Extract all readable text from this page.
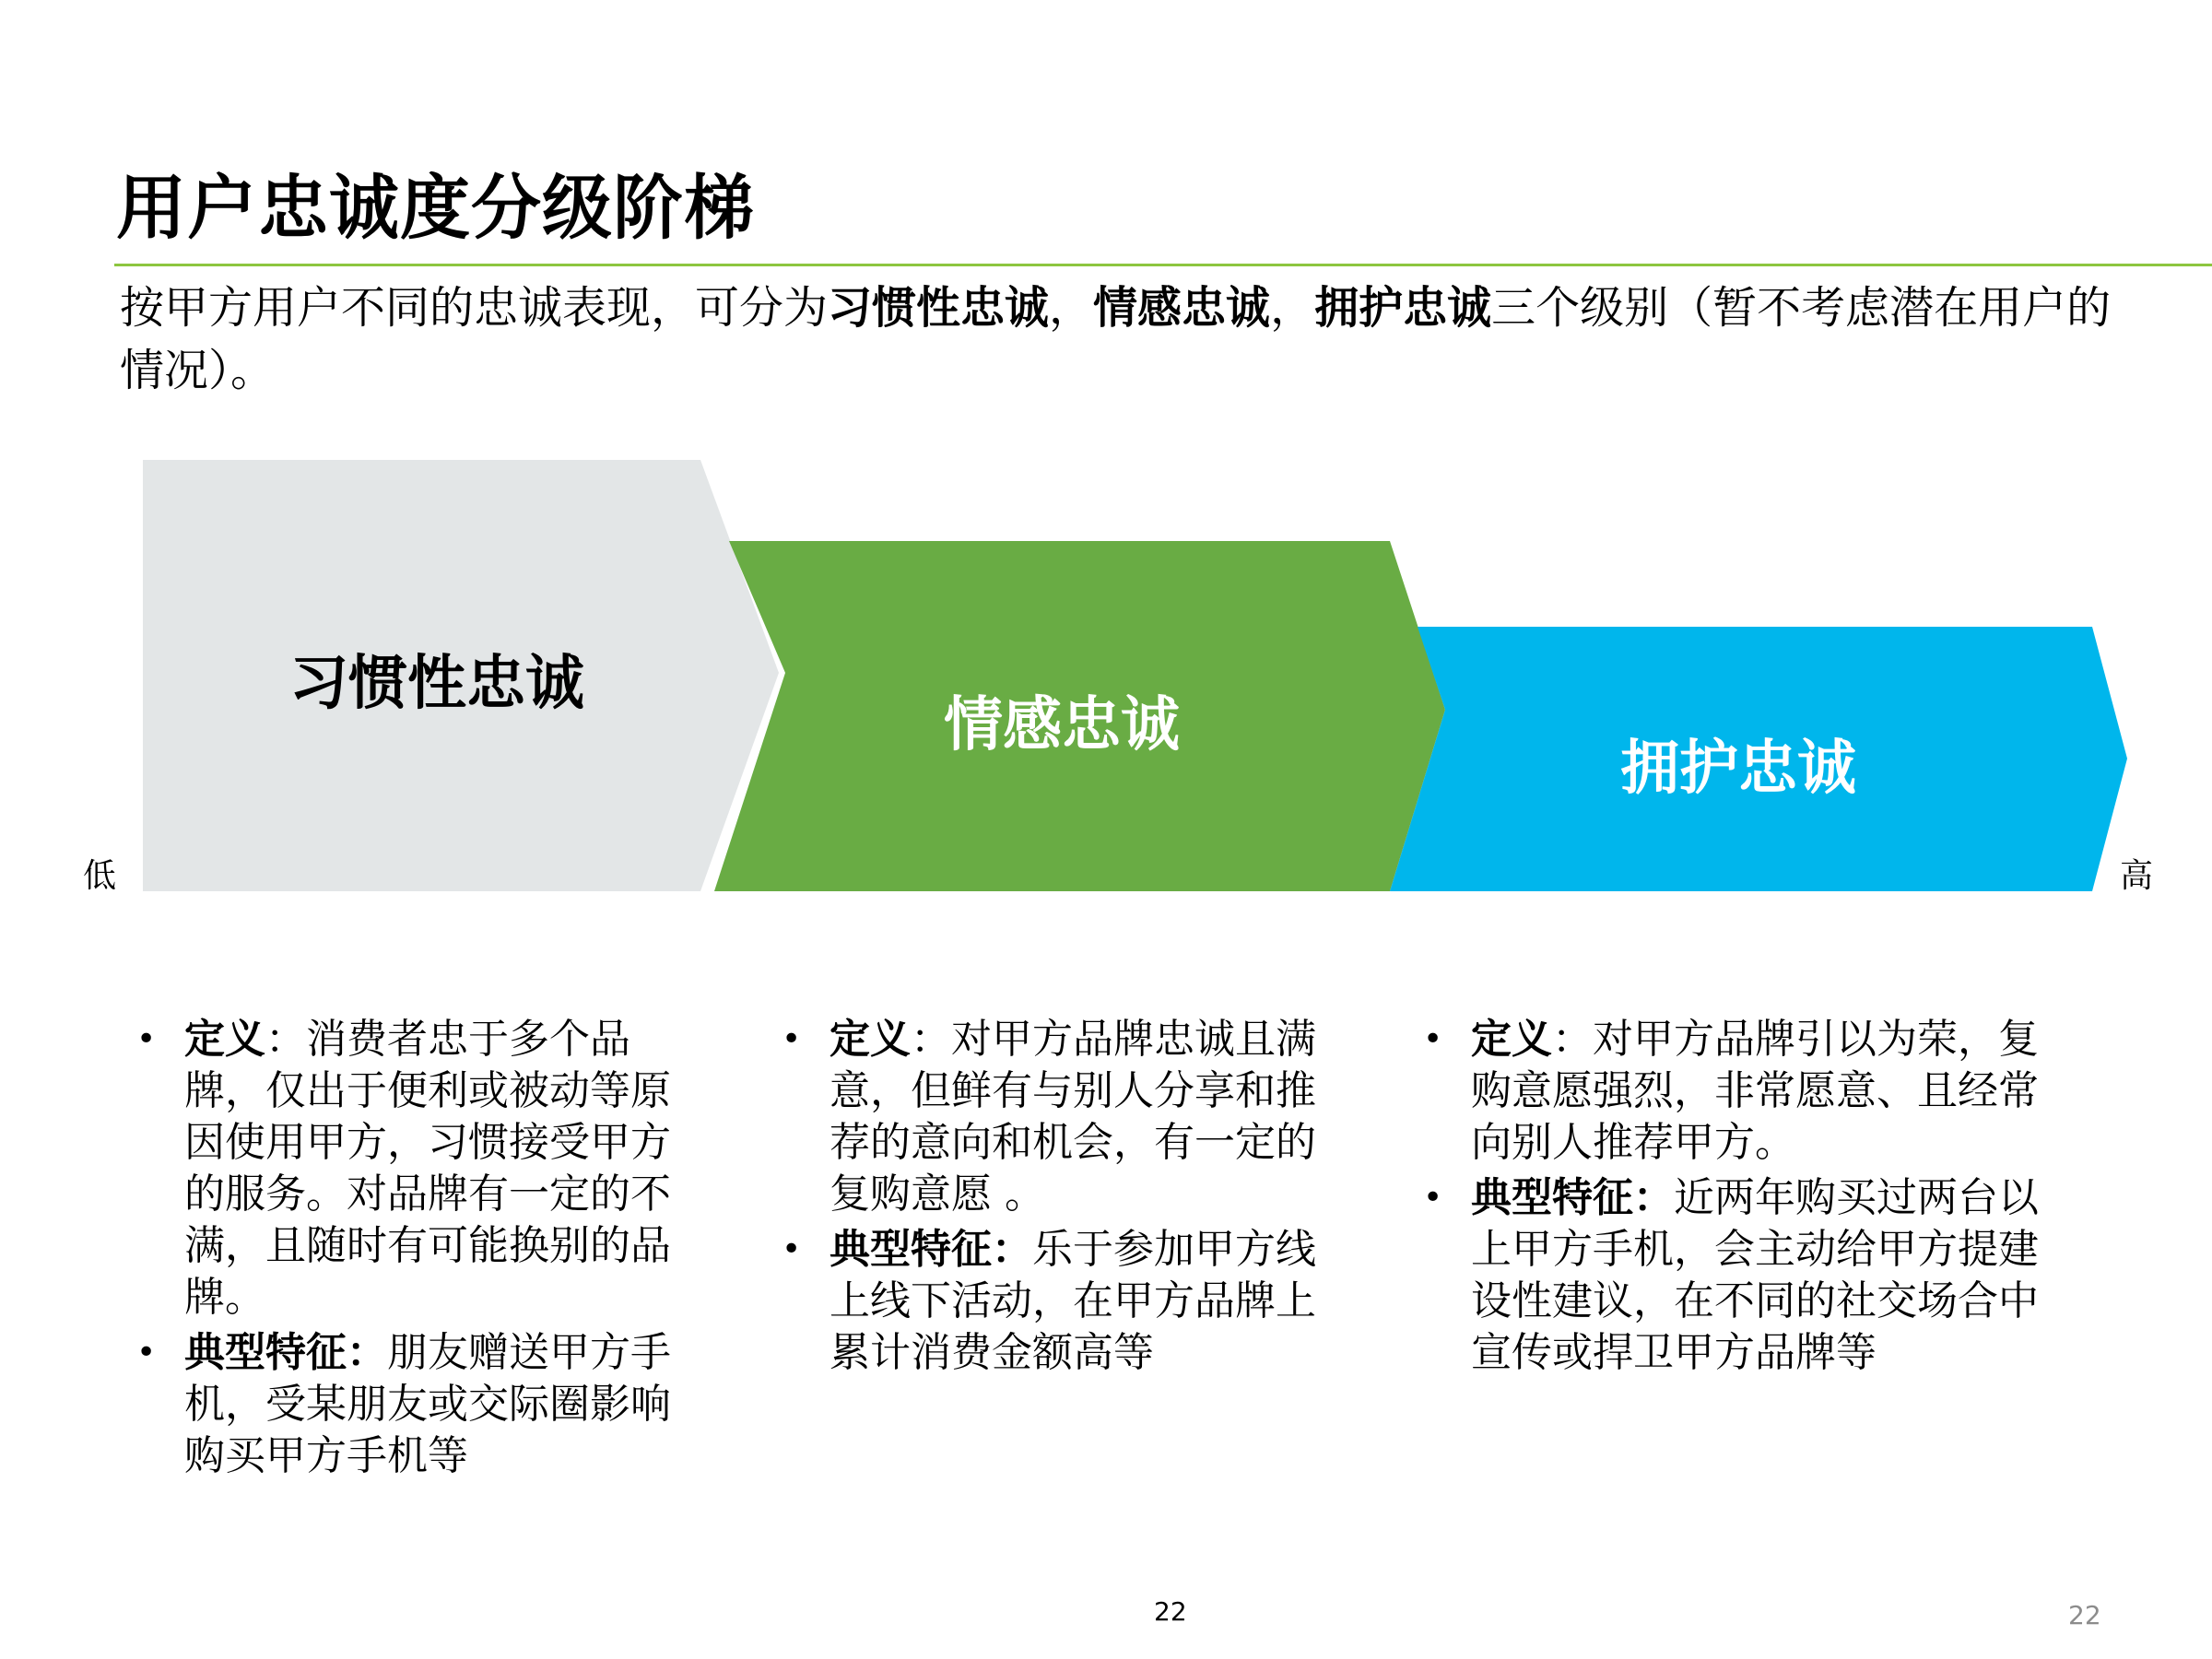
用户忠诚度分级阶梯

按甲方用户不同的忠诚表现，可分为习惯性忠诚，情感忠诚，拥护忠诚三个级别（暂不考虑潜在用户的情况）。

习惯性忠诚
情感忠诚
拥护忠诚
低	高
• 定义：消费者忠于多个品牌，仅出于便利或被动等原因使用甲方，习惯接受甲方的服务。对品牌有一定的不满，且随时有可能换别的品牌。
• 典型特征：朋友赠送甲方手机，受某朋友或交际圈影响购买甲方手机等
• 定义：对甲方品牌忠诚且满意，但鲜有与别人分享和推荐的意向和机会，有一定的复购意愿 。
• 典型特征：乐于参加甲方线上线下活动，在甲方品牌上累计消费金额高等
• 定义：对甲方品牌引以为荣，复购意愿强烈，非常愿意、且经常向别人推荐甲方。
• 典型特征：近两年购买过两台以上甲方手机，会主动给甲方提建设性建议，在不同的社交场合中宣传或捍卫甲方品牌等
22	22
